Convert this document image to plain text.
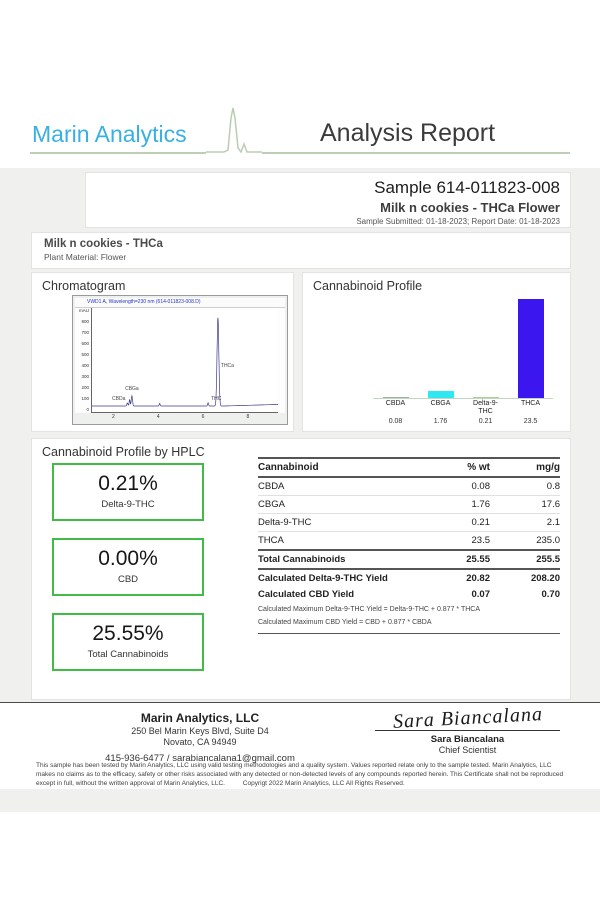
Marin Analytics	Analysis Report
Sample 614-011823-008
Milk n cookies - THCa Flower
Sample Submitted: 01-18-2023; Report Date: 01-18-2023
Milk n cookies - THCa
Plant Material: Flower
Chromatogram
VWD1 A, Wavelength=230 nm (614-011823-008.D)
mAU
800
700
600
500
400
300
200
100
0
CBDa
CBGa
THC
THCa
2	4	6	8
Cannabinoid Profile
CBDA
0.08
CBGA
1.76
Delta-9-THC
0.21
THCA
23.5
Cannabinoid Profile by HPLC
0.21%
Delta-9-THC
0.00%
CBD
25.55%
Total Cannabinoids
Cannabinoid	% wt	mg/g
CBDA	0.08	0.8
CBGA	1.76	17.6
Delta-9-THC	0.21	2.1
THCA	23.5	235.0
Total Cannabinoids	25.55	255.5
Calculated Delta-9-THC Yield	20.82	208.20
Calculated CBD Yield	0.07	0.70
Calculated Maximum Delta-9-THC Yield = Delta-9-THC + 0.877 * THCA
Calculated Maximum CBD Yield = CBD + 0.877 * CBDA
Marin Analytics, LLC
250 Bel Marin Keys Blvd, Suite D4
Novato, CA 94949
415-936-6477 / sarabiancalana1@gmail.com
Sara Biancalana
Sara Biancalana
Chief Scientist
This sample has been tested by Marin Analytics, LLC using valid testing methodologies and a quality system. Values reported relate only to the sample tested. Marin Analytics, LLC makes no claims as to the efficacy, safety or other risks associated with any detected or non-detected levels of any compounds reported herein. This Certificate shall not be reproduced except in full, without the written approval of Marin Analytics, LLC.	Copyrigt 2022 Marin Analytics, LLC All Rights Reserved.
